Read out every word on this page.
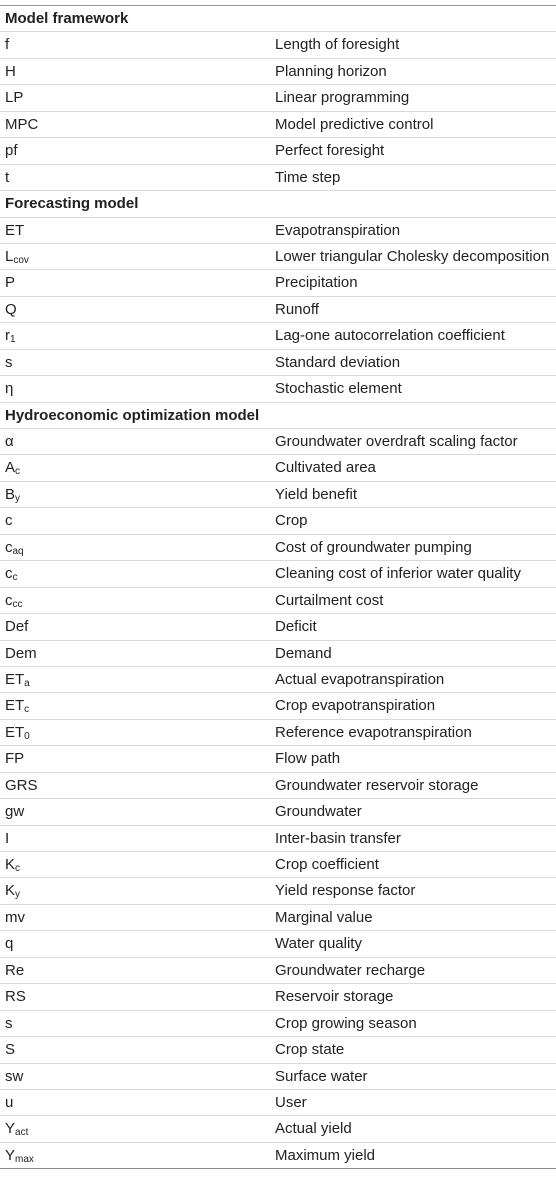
Model framework
f	Length of foresight
H	Planning horizon
LP	Linear programming
MPC	Model predictive control
pf	Perfect foresight
t	Time step
Forecasting model
ET	Evapotranspiration
$L_{cov}$	Lower triangular Cholesky decomposition
P	Precipitation
Q	Runoff
$r_1$	Lag-one autocorrelation coefficient
s	Standard deviation
η	Stochastic element
Hydroeconomic optimization model
α	Groundwater overdraft scaling factor
$A_c$	Cultivated area
$B_y$	Yield benefit
c	Crop
$c_{aq}$	Cost of groundwater pumping
$c_c$	Cleaning cost of inferior water quality
$c_{cc}$	Curtailment cost
Def	Deficit
Dem	Demand
$ET_a$	Actual evapotranspiration
$ET_c$	Crop evapotranspiration
$ET_0$	Reference evapotranspiration
FP	Flow path
GRS	Groundwater reservoir storage
gw	Groundwater
I	Inter-basin transfer
$K_c$	Crop coefficient
$K_y$	Yield response factor
mv	Marginal value
q	Water quality
Re	Groundwater recharge
RS	Reservoir storage
s	Crop growing season
S	Crop state
sw	Surface water
u	User
$Y_{act}$	Actual yield
$Y_{max}$	Maximum yield
